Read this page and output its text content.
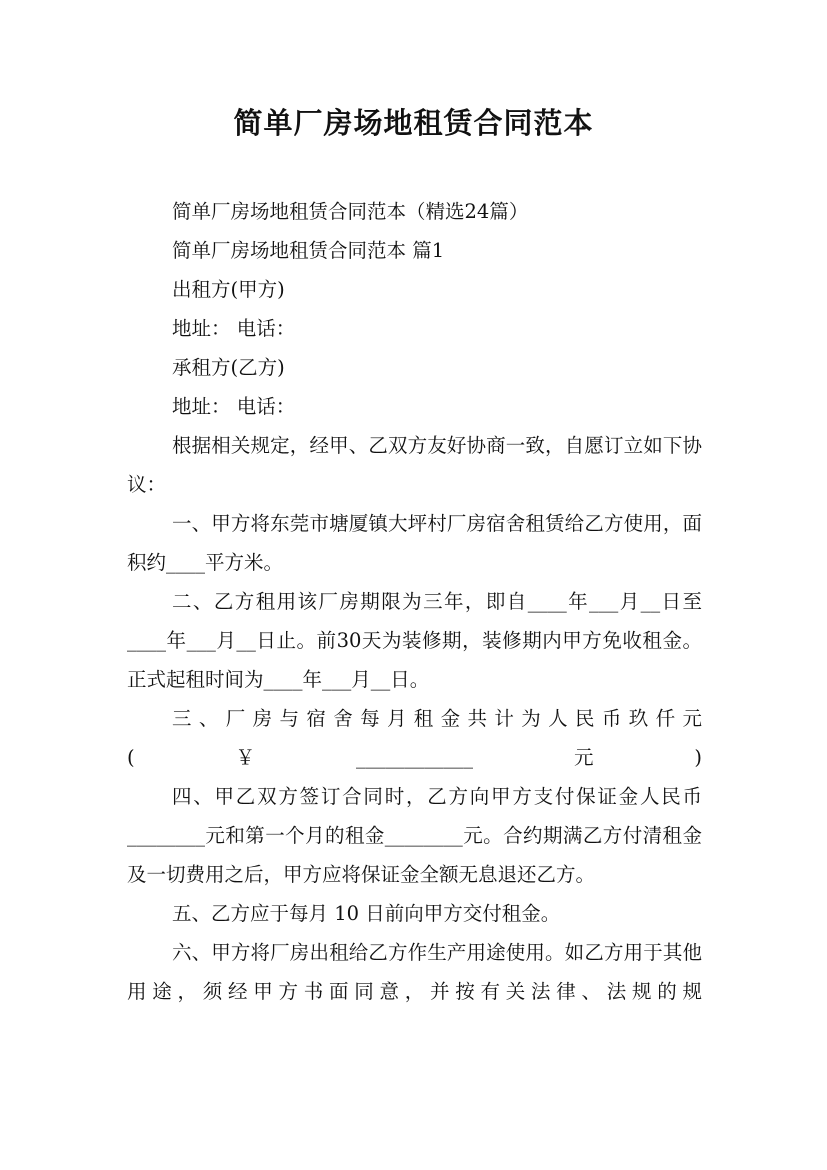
简单厂房场地租赁合同范本

简单厂房场地租赁合同范本（精选24篇）

简单厂房场地租赁合同范本 篇1

出租方(甲方)

地址： 电话：

承租方(乙方)

地址： 电话：

根据相关规定，经甲、乙双方友好协商一致，自愿订立如下协议：

一、甲方将东莞市塘厦镇大坪村厂房宿舍租赁给乙方使用，面积约____平方米。

二、乙方租用该厂房期限为三年，即自____年___月__日至____年___月__日止。前30天为装修期，装修期内甲方免收租金。正式起租时间为____年___月__日。

三、厂房与宿舍每月租金共计为人民币玖仟元(￥____________元)

四、甲乙双方签订合同时，乙方向甲方支付保证金人民币________元和第一个月的租金________元。合约期满乙方付清租金及一切费用之后，甲方应将保证金全额无息退还乙方。

五、乙方应于每月 10 日前向甲方交付租金。

六、甲方将厂房出租给乙方作生产用途使用。如乙方用于其他用途，须经甲方书面同意，并按有关法律、法规的规
